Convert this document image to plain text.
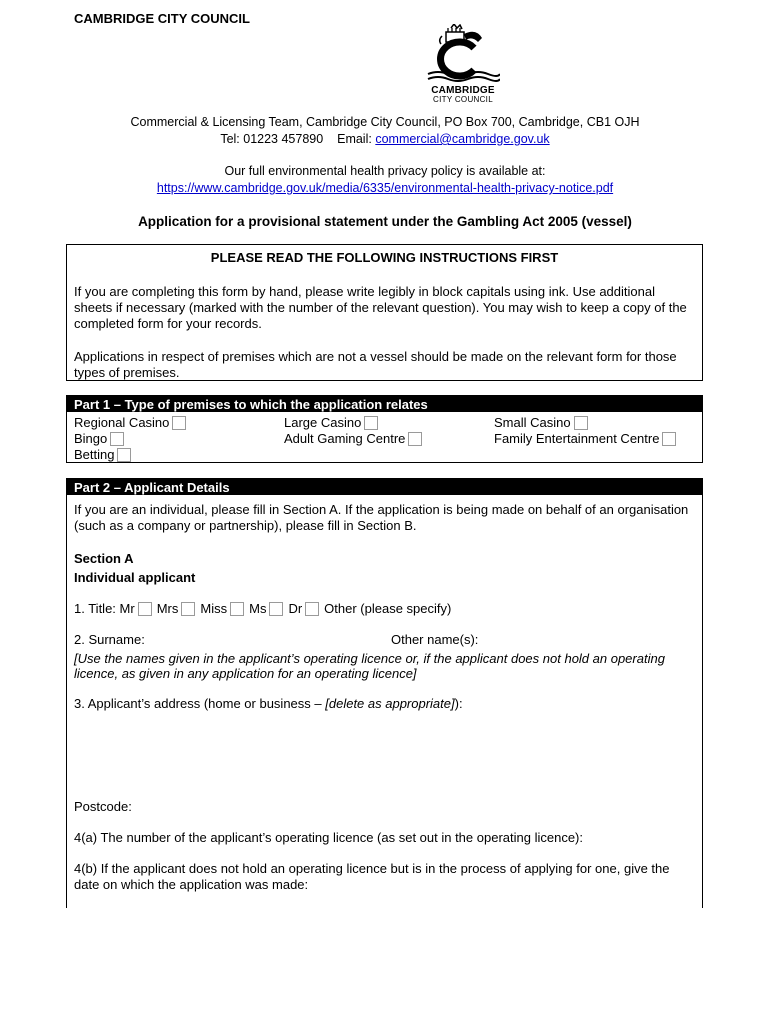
CAMBRIDGE CITY COUNCIL
CAMBRIDGE
CITY COUNCIL
Commercial & Licensing Team, Cambridge City Council, PO Box 700, Cambridge, CB1 OJH
Tel: 01223 457890 Email: commercial@cambridge.gov.uk
Our full environmental health privacy policy is available at:
https://www.cambridge.gov.uk/media/6335/environmental-health-privacy-notice.pdf
Application for a provisional statement under the Gambling Act 2005 (vessel)
PLEASE READ THE FOLLOWING INSTRUCTIONS FIRST
If you are completing this form by hand, please write legibly in block capitals using ink. Use additional sheets if necessary (marked with the number of the relevant question). You may wish to keep a copy of the completed form for your records.
Applications in respect of premises which are not a vessel should be made on the relevant form for those types of premises.
Part 1 – Type of premises to which the application relates
Regional Casino	Large Casino	Small Casino
Bingo	Adult Gaming Centre	Family Entertainment Centre
Betting
Part 2 – Applicant Details
If you are an individual, please fill in Section A. If the application is being made on behalf of an organisation (such as a company or partnership), please fill in Section B.
Section A
Individual applicant
1. Title:
Mr Mrs Miss Ms Dr Other (please specify)
2. Surname:	Other name(s):
[Use the names given in the applicant’s operating licence or, if the applicant does not hold an operating licence, as given in any application for an operating licence]
3. Applicant’s address (home or business – [delete as appropriate]):
Postcode:
4(a) The number of the applicant’s operating licence (as set out in the operating licence):
4(b) If the applicant does not hold an operating licence but is in the process of applying for one, give the date on which the application was made:
